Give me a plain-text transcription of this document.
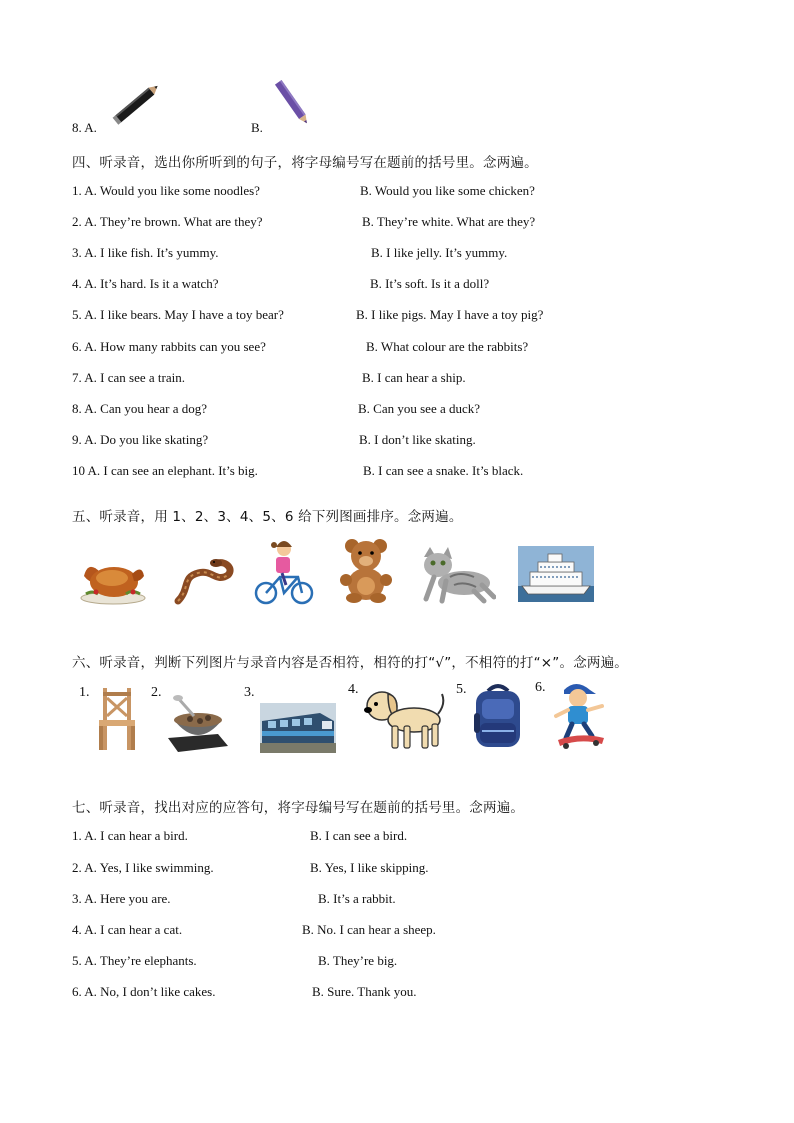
8. A.	B.
四、听录音，选出你所听到的句子，将字母编号写在题前的括号里。念两遍。
1. A. Would you like some noodles?	B. Would you like some chicken?
2. A. They’re brown. What are they?	B. They’re white. What are they?
3. A. I like fish. It’s yummy.	B. I like jelly. It’s yummy.
4. A. It’s hard. Is it a watch?	B. It’s soft. Is it a doll?
5. A. I like bears. May I have a toy bear?	B. I like pigs. May I have a toy pig?
6. A. How many rabbits can you see?	B. What colour are the rabbits?
7. A. I can see a train.	B. I can hear a ship.
8. A. Can you hear a dog?	B. Can you see a duck?
9. A. Do you like skating?	B. I don’t like skating.
10 A. I can see an elephant. It’s big.	B. I can see a snake. It’s black.
五、听录音，用 1、2、3、4、5、6 给下列图画排序。念两遍。
六、听录音，判断下列图片与录音内容是否相符，相符的打“√”，不相符的打“×”。念两遍。
1.	2.	3.	4.	5.	6.
七、听录音，找出对应的应答句，将字母编号写在题前的括号里。念两遍。
1. A. I can hear a bird.	B. I can see a bird.
2. A. Yes, I like swimming.	B. Yes, I like skipping.
3. A. Here you are.	B. It’s a rabbit.
4. A. I can hear a cat.	B. No. I can hear a sheep.
5. A. They’re elephants.	B. They’re big.
6. A. No, I don’t like cakes.	B. Sure. Thank you.
